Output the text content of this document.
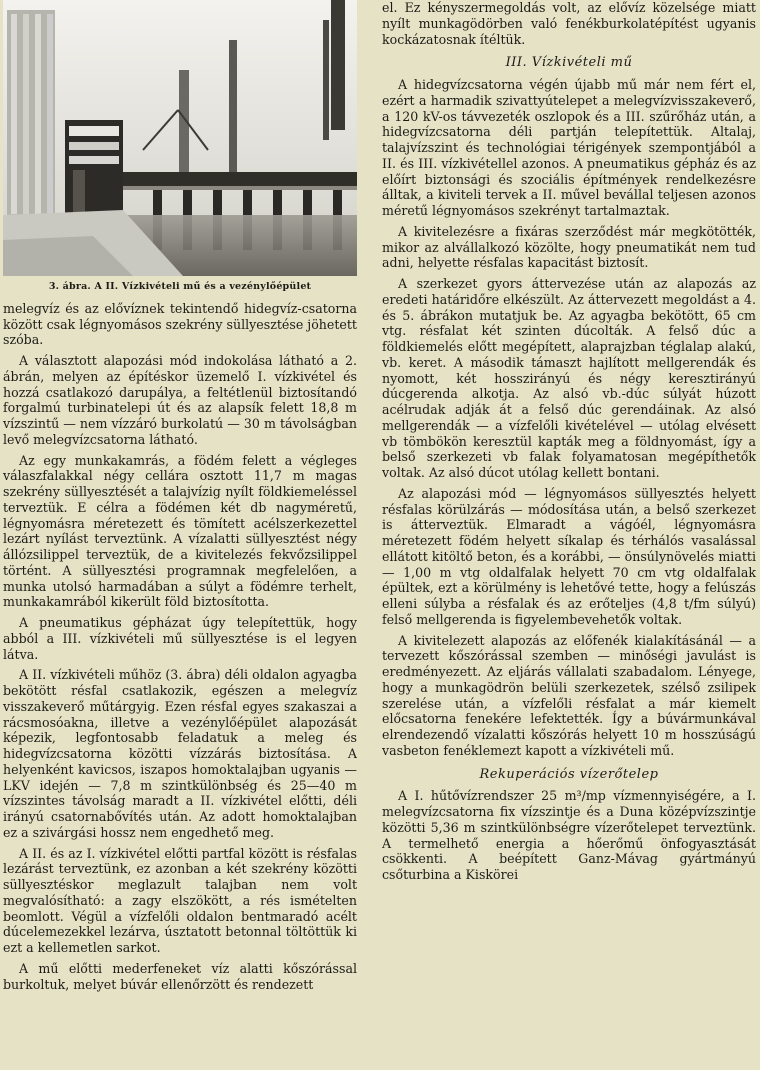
3. ábra. A II. Vízkivételi mű és a vezénylőépület

melegvíz és az elővíznek tekintendő hidegvíz-csatorna között csak légnyomásos szekrény süllyesztése jöhetett szóba.

A választott alapozási mód indokolása látható a 2. ábrán, melyen az építéskor üzemelő I. vízkivétel és hozzá csatlakozó darupálya, a feltétlenül biztosítandó forgalmú turbinatelepi út és az alapsík felett 18,8 m vízszintű — nem vízzáró burkolatú — 30 m távolságban levő melegvízcsatorna látható.

Az egy munkakamrás, a födém felett a végleges válaszfalakkal négy cellára osztott 11,7 m magas szekrény süllyesztését a talajvízig nyílt földkiemeléssel terveztük. E célra a födémen két db nagyméretű, légnyomásra méretezett és tömített acélszerkezettel lezárt nyílást terveztünk. A vízalatti süllyesztést négy állózsilippel terveztük, de a kivitelezés fekvőzsilippel történt. A süllyesztési programnak megfelelően, a munka utolsó harmadában a súlyt a födémre terhelt, munkakamrából kikerült föld biztosította.

A pneumatikus gépházat úgy telepítettük, hogy abból a III. vízkivételi mű süllyesztése is el legyen látva.

A II. vízkivételi műhöz (3. ábra) déli oldalon agyagba bekötött résfal csatlakozik, egészen a melegvíz visszakeverő műtárgyig. Ezen résfal egyes szakaszai a rácsmosóakna, illetve a vezénylőépület alapozását képezik, legfontosabb feladatuk a meleg és hidegvízcsatorna közötti vízzárás biztosítása. A helyenként kavicsos, iszapos homoktalajban ugyanis — LKV idején — 7,8 m szintkülönbség és 25—40 m vízszintes távolság maradt a II. vízkivétel előtti, déli irányú csatornabővítés után. Az adott homoktalajban ez a szivárgási hossz nem engedhető meg.

A II. és az I. vízkivétel előtti partfal között is résfalas lezárást terveztünk, ez azonban a két szekrény közötti süllyesztéskor meglazult talajban nem volt megvalósítható: a zagy elszökött, a rés ismételten beomlott. Végül a vízfelőli oldalon bentmaradó acélt dúcelemezekkel lezárva, úsztatott betonnal töltöttük ki ezt a kellemetlen sarkot.

A mű előtti mederfeneket víz alatti kőszórással burkoltuk, melyet búvár ellenőrzött és rendezett

el. Ez kényszermegoldás volt, az elővíz közelsége miatt nyílt munkagödörben való fenékburkolatépítést ugyanis kockázatosnak ítéltük.

III. Vízkivételi mű

A hidegvízcsatorna végén újabb mű már nem fért el, ezért a harmadik szivattyútelepet a melegvízvisszakeverő, a 120 kV-os távvezeték oszlopok és a III. szűrőház után, a hidegvízcsatorna déli partján telepítettük. Altalaj, talajvízszint és technológiai térigények szempontjából a II. és III. vízkivétellel azonos. A pneumatikus gépház és az előírt biztonsági és szociális építmények rendelkezésre álltak, a kiviteli tervek a II. művel bevállal teljesen azonos méretű légnyomásos szekrényt tartalmaztak.

A kivitelezésre a fixáras szerződést már megkötötték, mikor az alvállalkozó közölte, hogy pneumatikát nem tud adni, helyette résfalas kapacitást biztosít.

A szerkezet gyors áttervezése után az alapozás az eredeti határidőre elkészült. Az áttervezett megoldást a 4. és 5. ábrákon mutatjuk be. Az agyagba bekötött, 65 cm vtg. résfalat két szinten dúcolták. A felső dúc a földkiemelés előtt megépített, alaprajzban téglalap alakú, vb. keret. A második támaszt hajlított mellgerendák és nyomott, két hosszirányú és négy keresztirányú dúcgerenda alkotja. Az alsó vb.-dúc súlyát húzott acélrudak adják át a felső dúc gerendáinak. Az alsó mellgerendák — a vízfelőli kivételével — utólag elvésett vb tömbökön keresztül kapták meg a földnyomást, így a belső szerkezeti vb falak folyamatosan megépíthetők voltak. Az alsó dúcot utólag kellett bontani.

Az alapozási mód — légnyomásos süllyesztés helyett résfalas körülzárás — módosítása után, a belső szerkezet is átterveztük. Elmaradt a vágóél, légnyomásra méretezett födém helyett síkalap és térhálós vasalással ellátott kitöltő beton, és a korábbi, — önsúlynövelés miatti — 1,00 m vtg oldalfalak helyett 70 cm vtg oldalfalak épültek, ezt a körülmény is lehetővé tette, hogy a felúszás elleni súlyba a résfalak és az erőteljes (4,8 t/fm súlyú) felső mellgerenda is figyelembevehetők voltak.

A kivitelezett alapozás az előfenék kialakításánál — a tervezett kőszórással szemben — minőségi javulást is eredményezett. Az eljárás vállalati szabadalom. Lényege, hogy a munkagödrön belüli szerkezetek, szélső zsilipek szerelése után, a vízfelőli résfalat a már kiemelt előcsatorna fenekére lefektették. Így a búvármunkával elrendezendő vízalatti kőszórás helyett 10 m hosszúságú vasbeton fenéklemezt kapott a vízkivételi mű.

Rekuperációs vízerőtelep

A I. hűtővízrendszer 25 m³/mp vízmennyiségére, a I. melegvízcsatorna fix vízszintje és a Duna középvízszintje közötti 5,36 m szintkülönbségre vízerőtelepet terveztünk. A termelhető energia a hőerőmű önfogyasztását csökkenti. A beépített Ganz-Mávag gyártmányú csőturbina a Kiskörei
